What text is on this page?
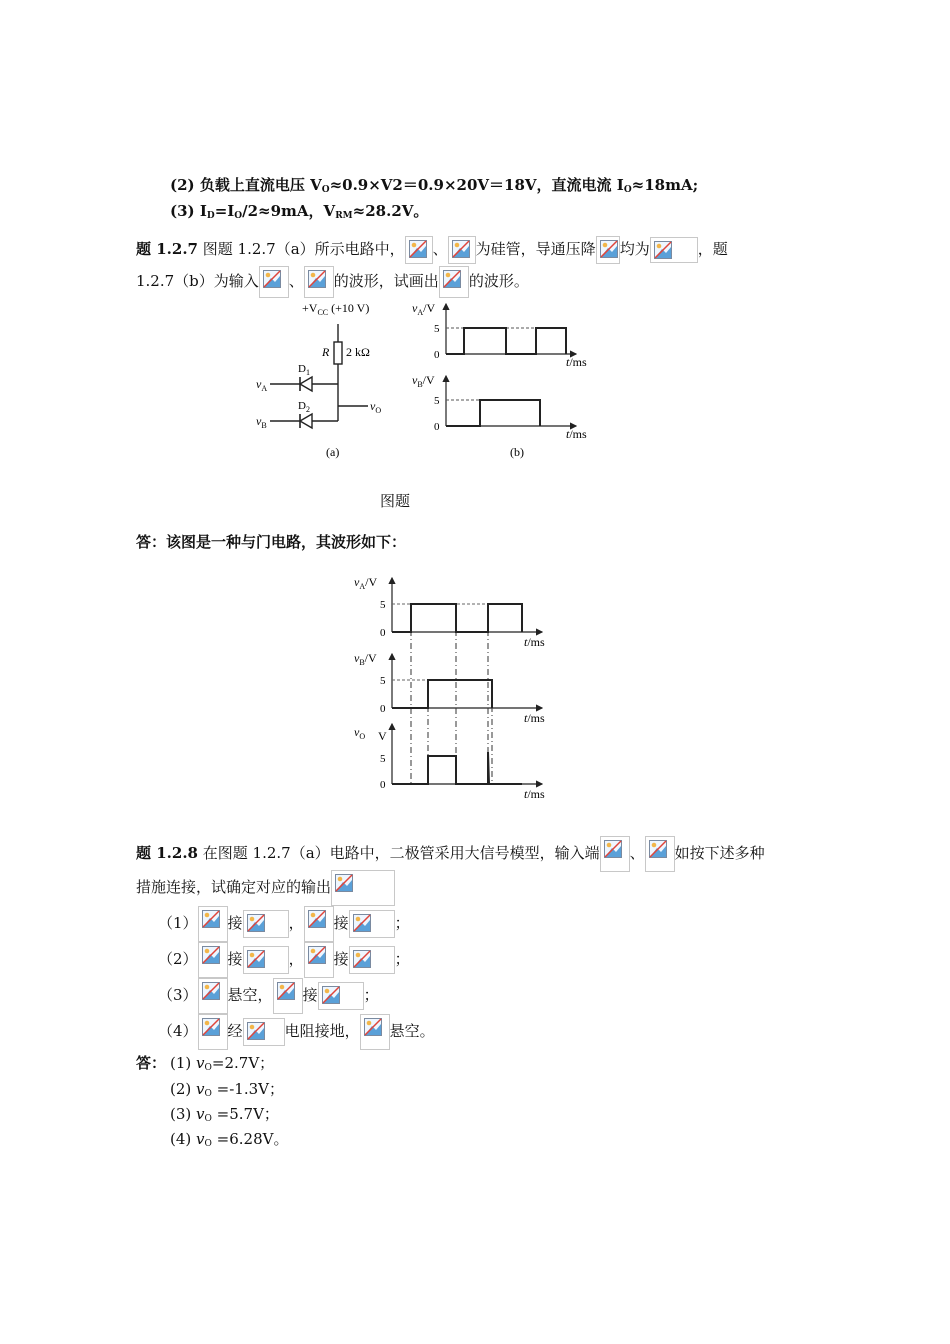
(2) 负载上直流电压 $V_O\approx 0.9\times V2=0.9\times 20V=18V$，直流电流 $I_O\approx 18mA$;
(3) $I_D=I_O/2\approx 9mA$，$V_{RM}\approx 28.2V$。
题 1.2.7 图题 1.2.7（a）所示电路中， 、 为硅管，导通压降 均为	，题
1.2.7（b）为输入 、 的波形，试画出 的波形。
$+V_{CC}$ (+10 V)
R 2 kΩ
$D_1$
$D_2$
$v_A$
$v_B$
$v_O$
(a)
$v_A/V$
5
0	t/ms
$v_B/V$
5
0	t/ms
(b)
图题
答：该图是一种与门电路，其波形如下：
$v_A/V$
5
0
t/ms
$v_B/V$
5
0
t/ms
$v_O$ V
5
0
t/ms
题 1.2.8 在图题 1.2.7（a）电路中，二极管采用大信号模型，输入端 、 如按下述多种
措施连接，试确定对应的输出
（1） 接	， 接	；
（2） 接	， 接	；
（3） 悬空， 接	；
（4） 经	电阻接地， 悬空。
答： (1) $v_O=2.7V$；
(2) $v_O =-1.3V$；
(3) $v_O =5.7V$；
(4) $v_O =6.28V$。
